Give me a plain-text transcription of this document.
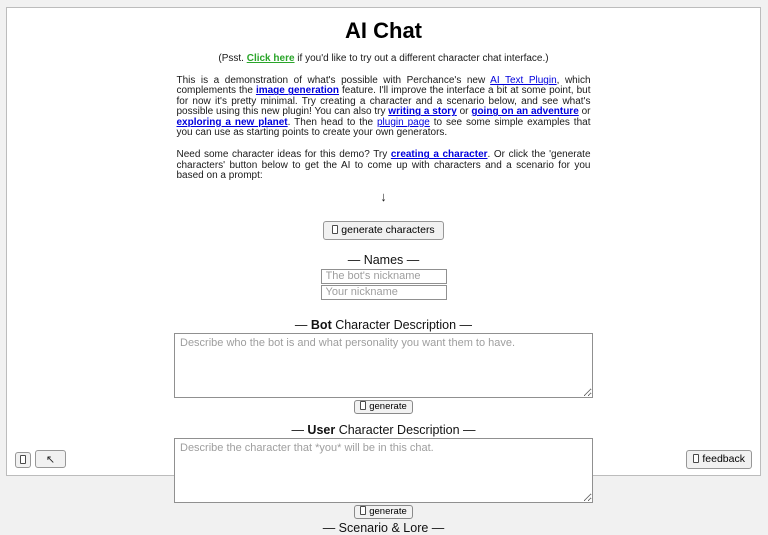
AI Chat
(Psst. Click here if you'd like to try out a different character chat interface.)
This is a demonstration of what's possible with Perchance's new AI Text Plugin, which complements the image generation feature. I'll improve the interface a bit at some point, but for now it's pretty minimal. Try creating a character and a scenario below, and see what's possible using this new plugin! You can also try writing a story or going on an adventure or exploring a new planet. Then head to the plugin page to see some simple examples that you can use as starting points to create your own generators.
Need some character ideas for this demo? Try creating a character. Or click the 'generate characters' button below to get the AI to come up with characters and a scenario for you based on a prompt:
↓
generate characters
— Names —
The bot's nickname
Your nickname
— Bot Character Description —
Describe who the bot is and what personality you want them to have.
generate
— User Character Description —
Describe the character that *you* will be in this chat.
generate
— Scenario & Lore —
↖	feedback
